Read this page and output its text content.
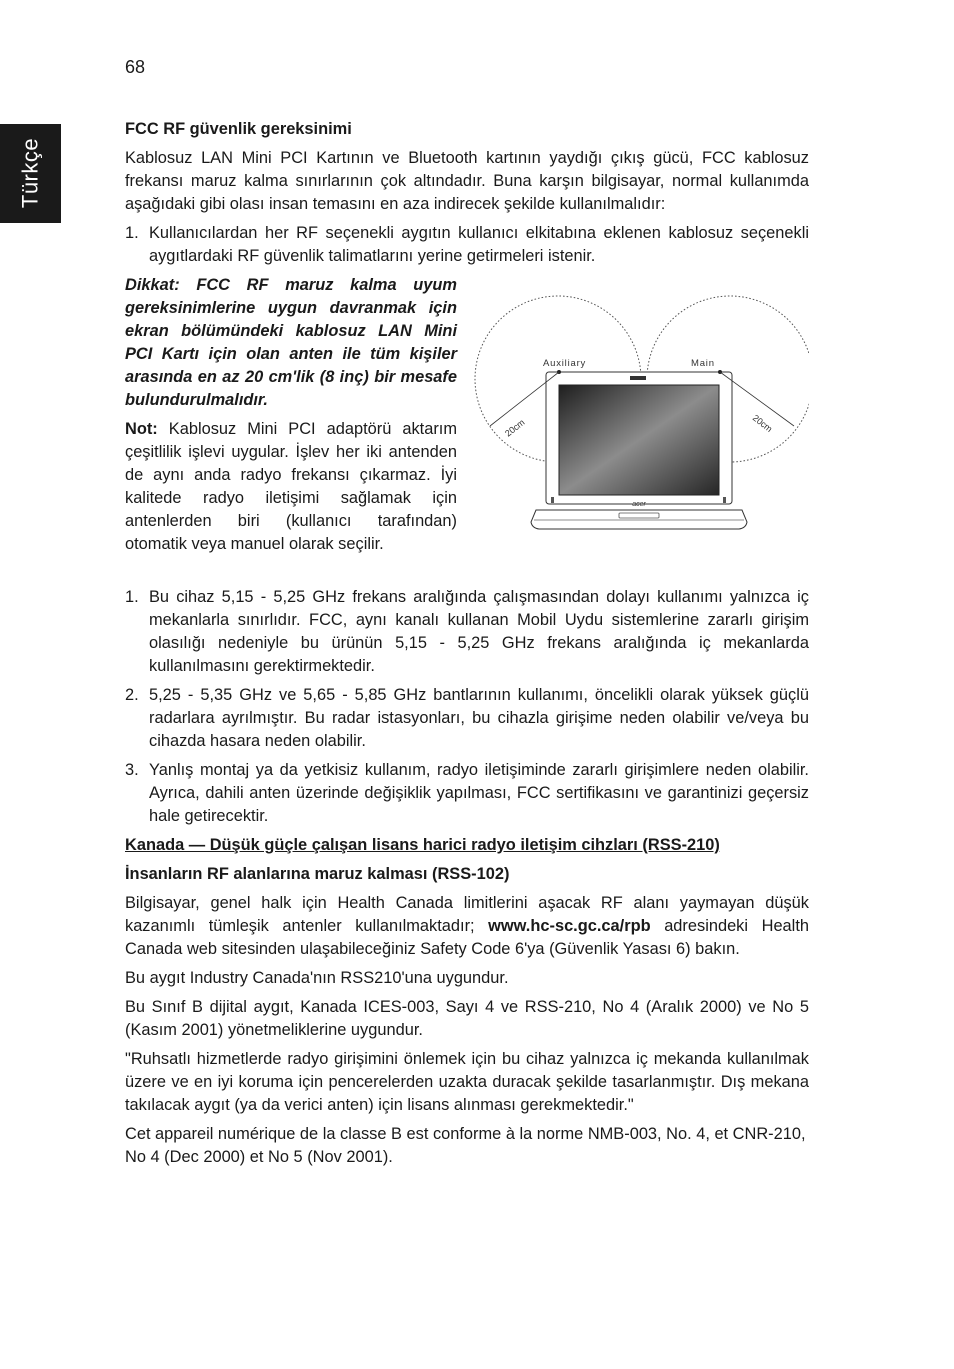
68
Türkçe

FCC RF güvenlik gereksinimi

Kablosuz LAN Mini PCI Kartının ve Bluetooth kartının yaydığı çıkış gücü, FCC kablosuz frekansı maruz kalma sınırlarının çok altındadır. Buna karşın bilgisayar, normal kullanımda aşağıdaki gibi olası insan temasını en aza indirecek şekilde kullanılmalıdır:

1. Kullanıcılardan her RF seçenekli aygıtın kullanıcı elkitabına eklenen kablosuz seçenekli aygıtlardaki RF güvenlik talimatlarını yerine getirmeleri istenir.

Dikkat: FCC RF maruz kalma uyum gereksinimlerine uygun davranmak için ekran bölümündeki kablosuz LAN Mini PCI Kartı için olan anten ile tüm kişiler arasında en az 20 cm'lik (8 inç) bir mesafe bulundurulmalıdır.

Not: Kablosuz Mini PCI adaptörü aktarım çeşitlilik işlevi uygular. İşlev her iki antenden de aynı anda radyo frekansı çıkarmaz. İyi kalitede radyo iletişimi sağlamak için antenlerden biri (kullanıcı tarafından) otomatik veya manuel olarak seçilir.

acer
Auxiliary	Main
20cm	20cm
1. Bu cihaz 5,15 - 5,25 GHz frekans aralığında çalışmasından dolayı kullanımı yalnızca iç mekanlarla sınırlıdır. FCC, aynı kanalı kullanan Mobil Uydu sistemlerine zararlı girişim olasılığı nedeniyle bu ürünün 5,15 - 5,25 GHz frekans aralığında iç mekanlarda kullanılmasını gerektirmektedir.
2. 5,25 - 5,35 GHz ve 5,65 - 5,85 GHz bantlarının kullanımı, öncelikli olarak yüksek güçlü radarlara ayrılmıştır. Bu radar istasyonları, bu cihazla girişime neden olabilir ve/veya bu cihazda hasara neden olabilir.
3. Yanlış montaj ya da yetkisiz kullanım, radyo iletişiminde zararlı girişimlere neden olabilir. Ayrıca, dahili anten üzerinde değişiklik yapılması, FCC sertifikasını ve garantinizi geçersiz hale getirecektir.

Kanada — Düşük güçle çalışan lisans harici radyo iletişim cihzları (RSS-210)

İnsanların RF alanlarına maruz kalması (RSS-102)

Bilgisayar, genel halk için Health Canada limitlerini aşacak RF alanı yaymayan düşük kazanımlı tümleşik antenler kullanılmaktadır; www.hc-sc.gc.ca/rpb adresindeki Health Canada web sitesinden ulaşabileceğiniz Safety Code 6'ya (Güvenlik Yasası 6) bakın.

Bu aygıt Industry Canada'nın RSS210'una uygundur.

Bu Sınıf B dijital aygıt, Kanada ICES-003, Sayı 4 ve RSS-210, No 4 (Aralık 2000) ve No 5 (Kasım 2001) yönetmeliklerine uygundur.

"Ruhsatlı hizmetlerde radyo girişimini önlemek için bu cihaz yalnızca iç mekanda kullanılmak üzere ve en iyi koruma için pencerelerden uzakta duracak şekilde tasarlanmıştır. Dış mekana takılacak aygıt (ya da verici anten) için lisans alınması gerekmektedir."

Cet appareil numérique de la classe B est conforme à la norme NMB-003, No. 4, et CNR-210, No 4 (Dec 2000) et No 5 (Nov 2001).
